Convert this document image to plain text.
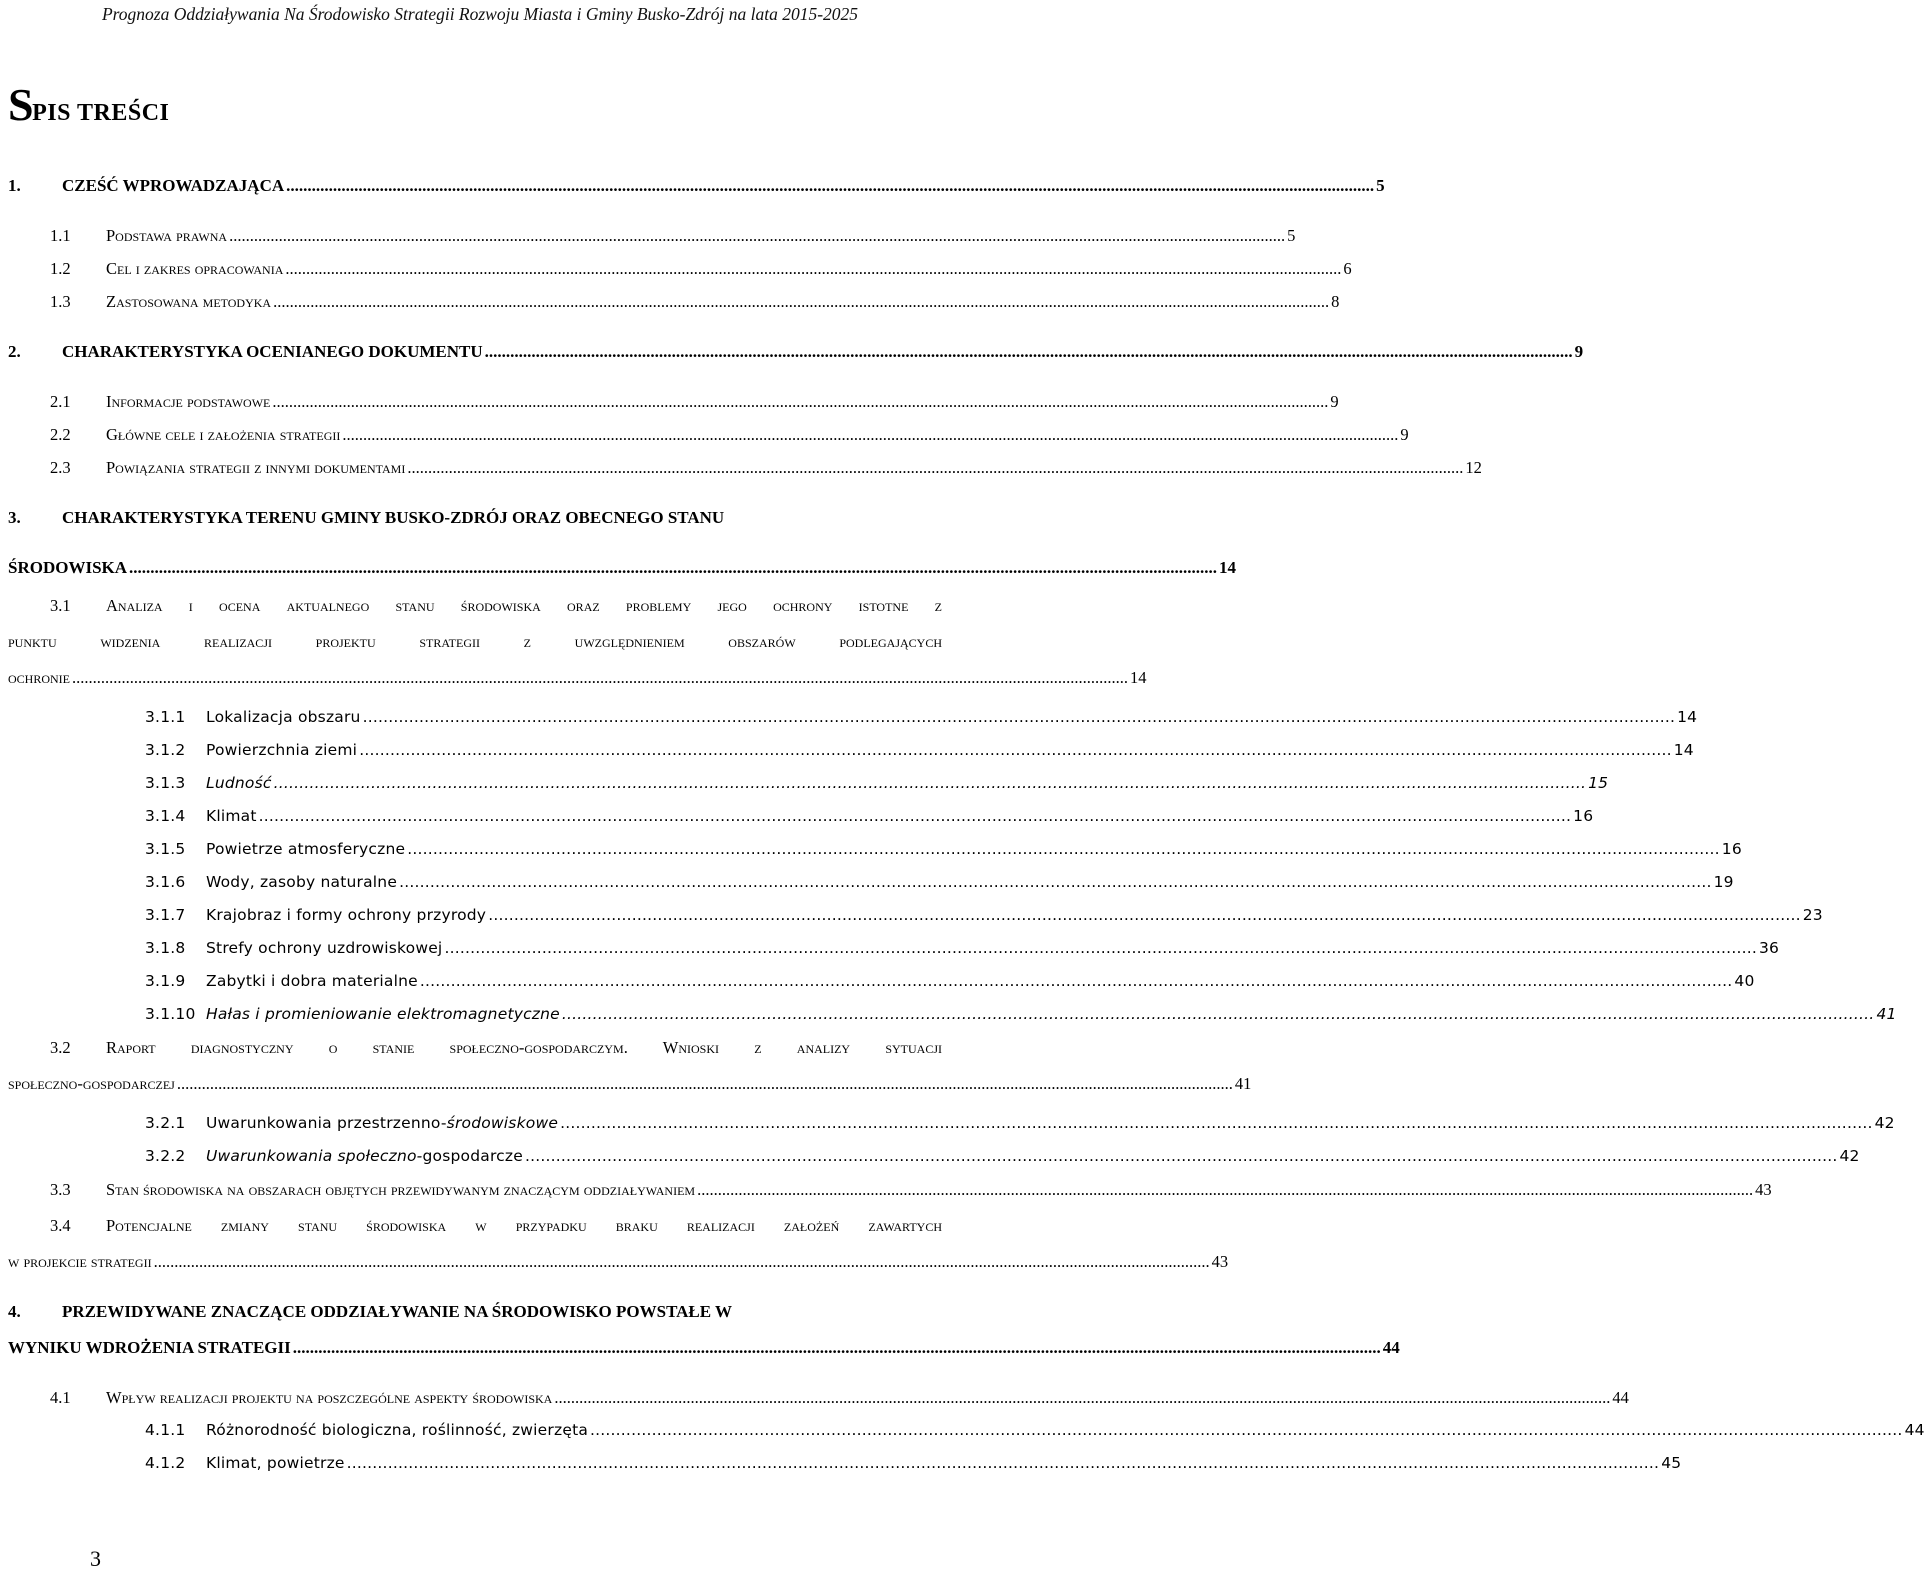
Prognoza Oddziaływania Na Środowisko Strategii Rozwoju Miasta i Gminy Busko-Zdrój na lata 2015-2025
SPIS TREŚCI
1. CZEŚĆ WPROWADZAJĄCA .....	5
1.1 Podstawa prawna .....	5
1.2 Cel i zakres opracowania .....	6
1.3 Zastosowana metodyka .....	8
2. CHARAKTERYSTYKA OCENIANEGO DOKUMENTU .....	9
2.1 Informacje podstawowe .....	9
2.2 Główne cele i założenia strategii .....	9
2.3 Powiązania strategii z innymi dokumentami .....	12
3. CHARAKTERYSTYKA TERENU GMINY BUSKO-ZDRÓJ ORAZ OBECNEGO STANU
ŚRODOWISKA .....	14
3.1 Analiza i ocena aktualnego stanu środowiska oraz problemy jego ochrony istotne z
punktu widzenia realizacji projektu strategii z uwzględnieniem obszarów podlegających
ochronie .....	14
3.1.1 Lokalizacja obszaru .....	14
3.1.2 Powierzchnia ziemi .....	14
3.1.3 Ludność .....	15
3.1.4 Klimat .....	16
3.1.5 Powietrze atmosferyczne .....	16
3.1.6 Wody, zasoby naturalne .....	19
3.1.7 Krajobraz i formy ochrony przyrody .....	23
3.1.8 Strefy ochrony uzdrowiskowej .....	36
3.1.9 Zabytki i dobra materialne .....	40
3.1.10 Hałas i promieniowanie elektromagnetyczne .....	41
3.2 Raport diagnostyczny o stanie społeczno-gospodarczym. Wnioski z analizy sytuacji
społeczno-gospodarczej .....	41
3.2.1 Uwarunkowania przestrzenno-środowiskowe .....	42
3.2.2 Uwarunkowania społeczno-gospodarcze .....	42
3.3 Stan środowiska na obszarach objętych przewidywanym znaczącym oddziaływaniem .....	43
3.4 Potencjalne zmiany stanu środowiska w przypadku braku realizacji założeń zawartych
w projekcie strategii .....	43
4. PRZEWIDYWANE ZNACZĄCE ODDZIAŁYWANIE NA ŚRODOWISKO POWSTAŁE W
WYNIKU WDROŻENIA STRATEGII .....	44
4.1 Wpływ realizacji projektu na poszczególne aspekty środowiska .....	44
4.1.1 Różnorodność biologiczna, roślinność, zwierzęta .....	44
4.1.2 Klimat, powietrze .....	45
3
